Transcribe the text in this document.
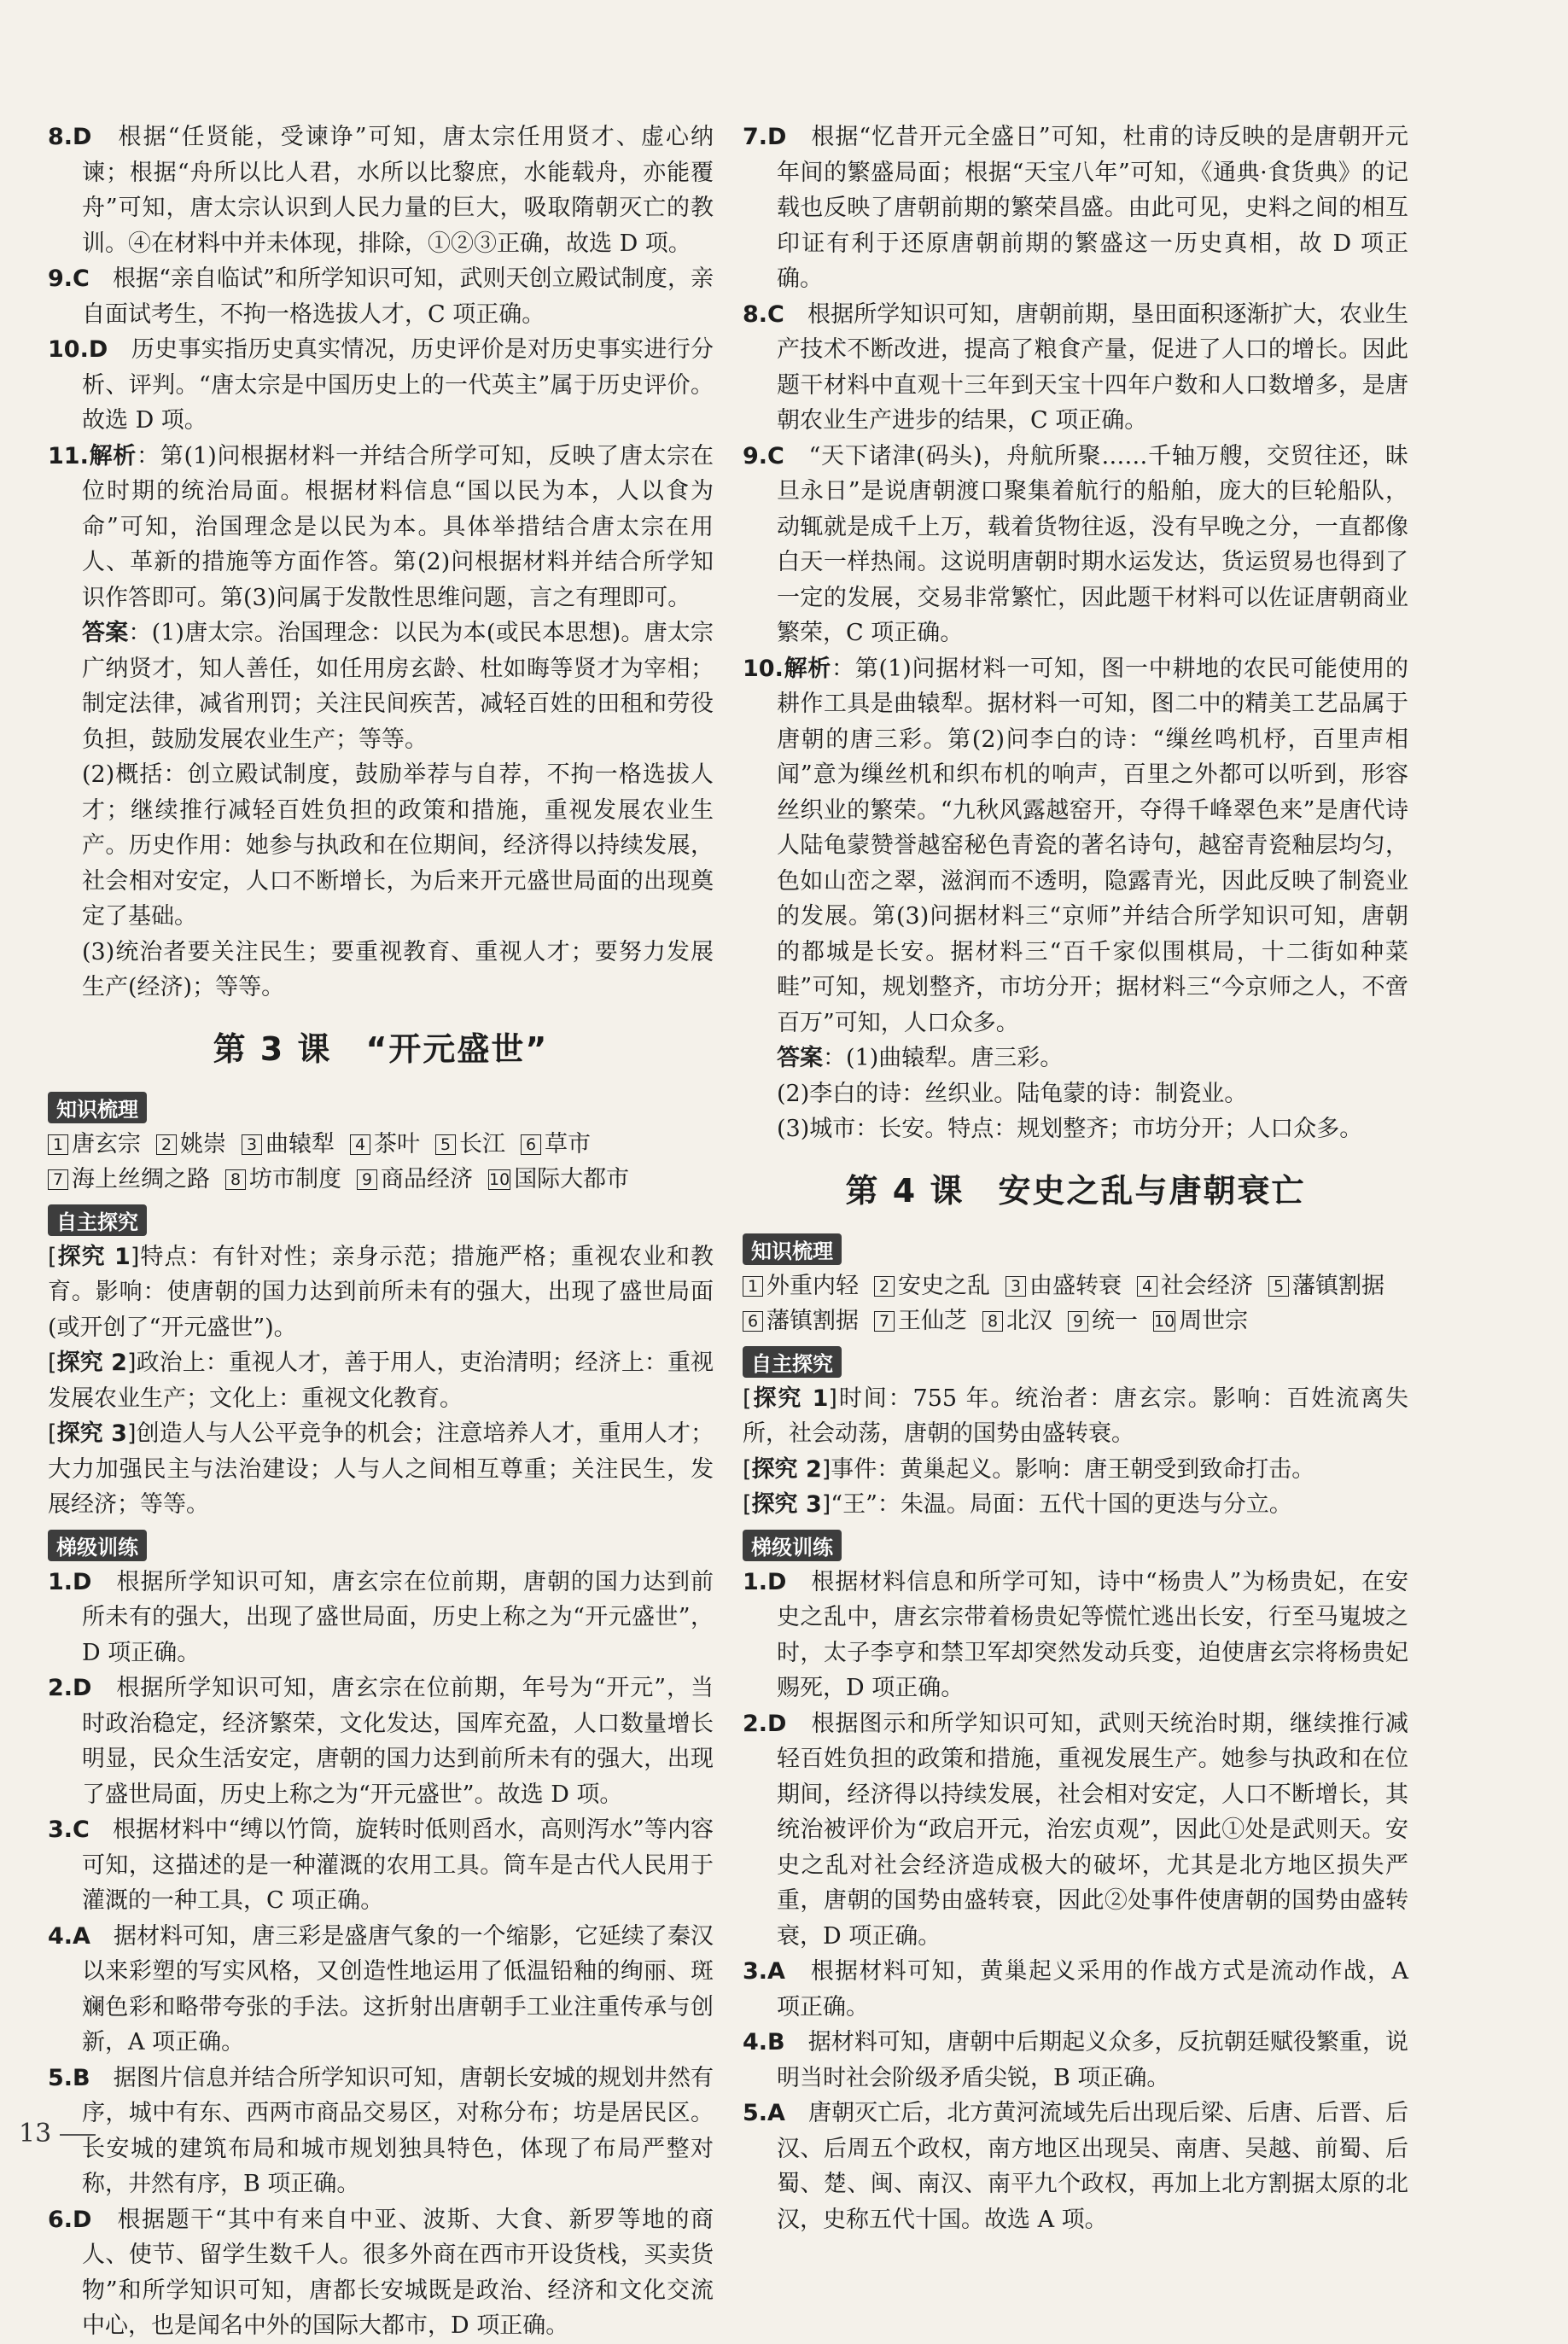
8.D　 根据“任贤能，受谏诤”可知，唐太宗任用贤才、虚心纳谏；根据“舟所以比人君，水所以比黎庶，水能载舟，亦能覆舟”可知，唐太宗认识到人民力量的巨大，吸取隋朝灭亡的教训。④在材料中并未体现，排除，①②③正确，故选 D 项。

9.C　 根据“亲自临试”和所学知识可知，武则天创立殿试制度，亲自面试考生，不拘一格选拔人才，C 项正确。

10.D　 历史事实指历史真实情况，历史评价是对历史事实进行分析、评判。“唐太宗是中国历史上的一代英主”属于历史评价。故选 D 项。

11.解析：第(1)问根据材料一并结合所学可知，反映了唐太宗在位时期的统治局面。根据材料信息“国以民为本，人以食为命”可知，治国理念是以民为本。具体举措结合唐太宗在用人、革新的措施等方面作答。第(2)问根据材料并结合所学知识作答即可。第(3)问属于发散性思维问题，言之有理即可。

答案：(1)唐太宗。治国理念：以民为本(或民本思想)。唐太宗广纳贤才，知人善任，如任用房玄龄、杜如晦等贤才为宰相；制定法律，减省刑罚；关注民间疾苦，减轻百姓的田租和劳役负担，鼓励发展农业生产；等等。

(2)概括：创立殿试制度，鼓励举荐与自荐，不拘一格选拔人才；继续推行减轻百姓负担的政策和措施，重视发展农业生产。历史作用：她参与执政和在位期间，经济得以持续发展，社会相对安定，人口不断增长，为后来开元盛世局面的出现奠定了基础。

(3)统治者要关注民生；要重视教育、重视人才；要努力发展生产(经济)；等等。

第 3 课　“开元盛世”
知识梳理
1 唐玄宗	2 姚崇	3 曲辕犁	4 茶叶	5 长江	6 草市
7 海上丝绸之路	8 坊市制度	9 商品经济 10 国际大都市
自主探究

[探究 1]特点：有针对性；亲身示范；措施严格；重视农业和教育。影响：使唐朝的国力达到前所未有的强大，出现了盛世局面(或开创了“开元盛世”)。

[探究 2]政治上：重视人才，善于用人，吏治清明；经济上：重视发展农业生产；文化上：重视文化教育。

[探究 3]创造人与人公平竞争的机会；注意培养人才，重用人才；大力加强民主与法治建设；人与人之间相互尊重；关注民生，发展经济；等等。

梯级训练

1.D　 根据所学知识可知，唐玄宗在位前期，唐朝的国力达到前所未有的强大，出现了盛世局面，历史上称之为“开元盛世”，D 项正确。

2.D　 根据所学知识可知，唐玄宗在位前期，年号为“开元”，当时政治稳定，经济繁荣，文化发达，国库充盈，人口数量增长明显，民众生活安定，唐朝的国力达到前所未有的强大，出现了盛世局面，历史上称之为“开元盛世”。故选 D 项。

3.C　 根据材料中“缚以竹筒，旋转时低则舀水，高则泻水”等内容可知，这描述的是一种灌溉的农用工具。筒车是古代人民用于灌溉的一种工具，C 项正确。

4.A　 据材料可知，唐三彩是盛唐气象的一个缩影，它延续了秦汉以来彩塑的写实风格，又创造性地运用了低温铅釉的绚丽、斑斓色彩和略带夸张的手法。这折射出唐朝手工业注重传承与创新，A 项正确。

5.B　 据图片信息并结合所学知识可知，唐朝长安城的规划井然有序，城中有东、西两市商品交易区，对称分布；坊是居民区。长安城的建筑布局和城市规划独具特色，体现了布局严整对称，井然有序，B 项正确。

6.D　 根据题干“其中有来自中亚、波斯、大食、新罗等地的商人、使节、留学生数千人。很多外商在西市开设货栈，买卖货物”和所学知识可知，唐都长安城既是政治、经济和文化交流中心，也是闻名中外的国际大都市，D 项正确。

7.D　 根据“忆昔开元全盛日”可知，杜甫的诗反映的是唐朝开元年间的繁盛局面；根据“天宝八年”可知，《通典·食货典》的记载也反映了唐朝前期的繁荣昌盛。由此可见，史料之间的相互印证有利于还原唐朝前期的繁盛这一历史真相，故 D 项正确。

8.C　 根据所学知识可知，唐朝前期，垦田面积逐渐扩大，农业生产技术不断改进，提高了粮食产量，促进了人口的增长。因此题干材料中直观十三年到天宝十四年户数和人口数增多，是唐朝农业生产进步的结果，C 项正确。

9.C　 “天下诸津(码头)，舟航所聚……千轴万艘，交贸往还，昧旦永日”是说唐朝渡口聚集着航行的船舶，庞大的巨轮船队，动辄就是成千上万，载着货物往返，没有早晚之分，一直都像白天一样热闹。这说明唐朝时期水运发达，货运贸易也得到了一定的发展，交易非常繁忙，因此题干材料可以佐证唐朝商业繁荣，C 项正确。

10.解析：第(1)问据材料一可知，图一中耕地的农民可能使用的耕作工具是曲辕犁。据材料一可知，图二中的精美工艺品属于唐朝的唐三彩。第(2)问李白的诗：“缫丝鸣机杼，百里声相闻”意为缫丝机和织布机的响声，百里之外都可以听到，形容丝织业的繁荣。“九秋风露越窑开，夺得千峰翠色来”是唐代诗人陆龟蒙赞誉越窑秘色青瓷的著名诗句，越窑青瓷釉层均匀，色如山峦之翠，滋润而不透明，隐露青光，因此反映了制瓷业的发展。第(3)问据材料三“京师”并结合所学知识可知，唐朝的都城是长安。据材料三“百千家似围棋局，十二街如种菜畦”可知，规划整齐，市坊分开；据材料三“今京师之人，不啻百万”可知，人口众多。

答案：(1)曲辕犁。唐三彩。

(2)李白的诗：丝织业。陆龟蒙的诗：制瓷业。

(3)城市：长安。特点：规划整齐；市坊分开；人口众多。

第 4 课　安史之乱与唐朝衰亡
知识梳理
1 外重内轻	2 安史之乱	3 由盛转衰	4 社会经济	5 藩镇割据
6 藩镇割据	7 王仙芝	8 北汉	9 统一 10 周世宗
自主探究

[探究 1]时间：755 年。统治者：唐玄宗。影响：百姓流离失所，社会动荡，唐朝的国势由盛转衰。

[探究 2]事件：黄巢起义。影响：唐王朝受到致命打击。

[探究 3]“王”：朱温。局面：五代十国的更迭与分立。

梯级训练

1.D　 根据材料信息和所学可知，诗中“杨贵人”为杨贵妃，在安史之乱中，唐玄宗带着杨贵妃等慌忙逃出长安，行至马嵬坡之时，太子李亨和禁卫军却突然发动兵变，迫使唐玄宗将杨贵妃赐死，D 项正确。

2.D　 根据图示和所学知识可知，武则天统治时期，继续推行减轻百姓负担的政策和措施，重视发展生产。她参与执政和在位期间，经济得以持续发展，社会相对安定，人口不断增长，其统治被评价为“政启开元，治宏贞观”，因此①处是武则天。安史之乱对社会经济造成极大的破坏，尤其是北方地区损失严重，唐朝的国势由盛转衰，因此②处事件使唐朝的国势由盛转衰，D 项正确。

3.A　 根据材料可知，黄巢起义采用的作战方式是流动作战，A 项正确。

4.B　 据材料可知，唐朝中后期起义众多，反抗朝廷赋役繁重，说明当时社会阶级矛盾尖锐，B 项正确。

5.A　 唐朝灭亡后，北方黄河流域先后出现后梁、后唐、后晋、后汉、后周五个政权，南方地区出现吴、南唐、吴越、前蜀、后蜀、楚、闽、南汉、南平九个政权，再加上北方割据太原的北汉，史称五代十国。故选 A 项。

13
